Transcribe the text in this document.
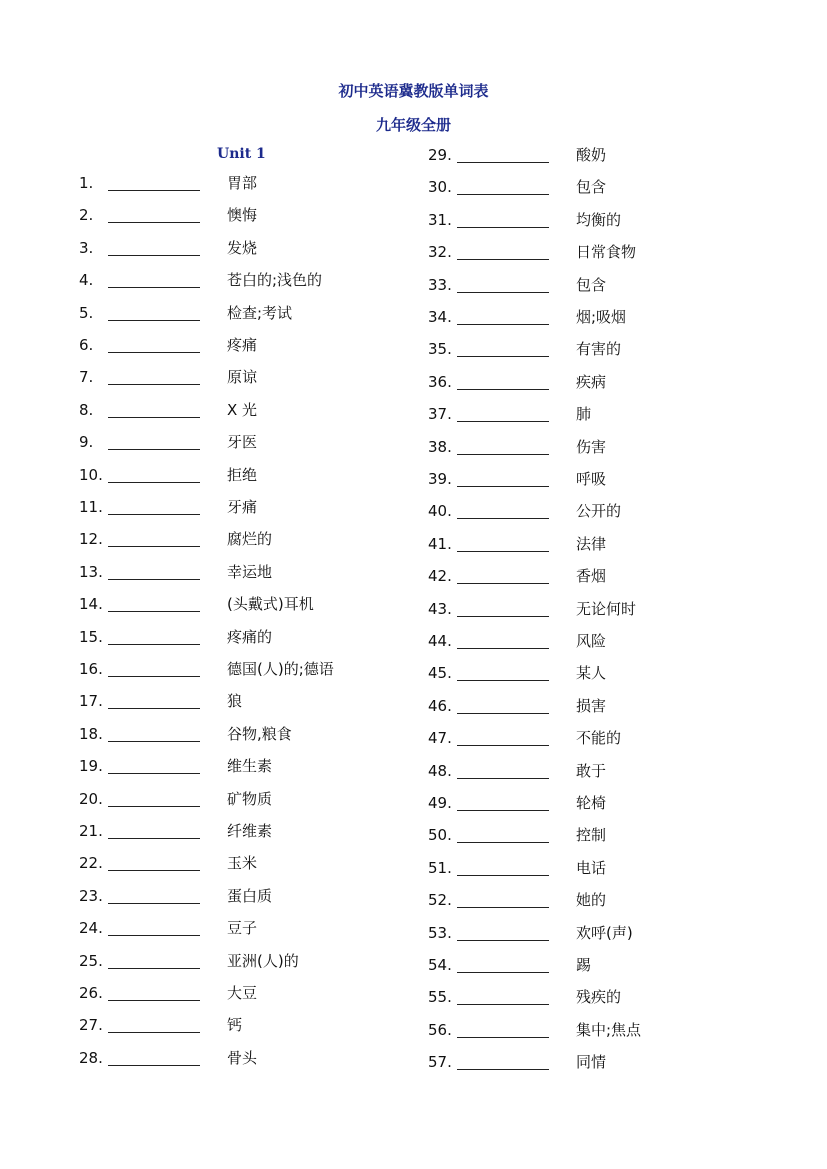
初中英语冀教版单词表
九年级全册
Unit 1
1.	胃部
2.	懊悔
3.	发烧
4.	苍白的;浅色的
5.	检查;考试
6.	疼痛
7.	原谅
8.	X 光
9.	牙医
10.	拒绝
11.	牙痛
12.	腐烂的
13.	幸运地
14.	(头戴式)耳机
15.	疼痛的
16.	德国(人)的;德语
17.	狼
18.	谷物,粮食
19.	维生素
20.	矿物质
21.	纤维素
22.	玉米
23.	蛋白质
24.	豆子
25.	亚洲(人)的
26.	大豆
27.	钙
28.	骨头
29.	酸奶
30.	包含
31.	均衡的
32.	日常食物
33.	包含
34.	烟;吸烟
35.	有害的
36.	疾病
37.	肺
38.	伤害
39.	呼吸
40.	公开的
41.	法律
42.	香烟
43.	无论何时
44.	风险
45.	某人
46.	损害
47.	不能的
48.	敢于
49.	轮椅
50.	控制
51.	电话
52.	她的
53.	欢呼(声)
54.	踢
55.	残疾的
56.	集中;焦点
57.	同情
